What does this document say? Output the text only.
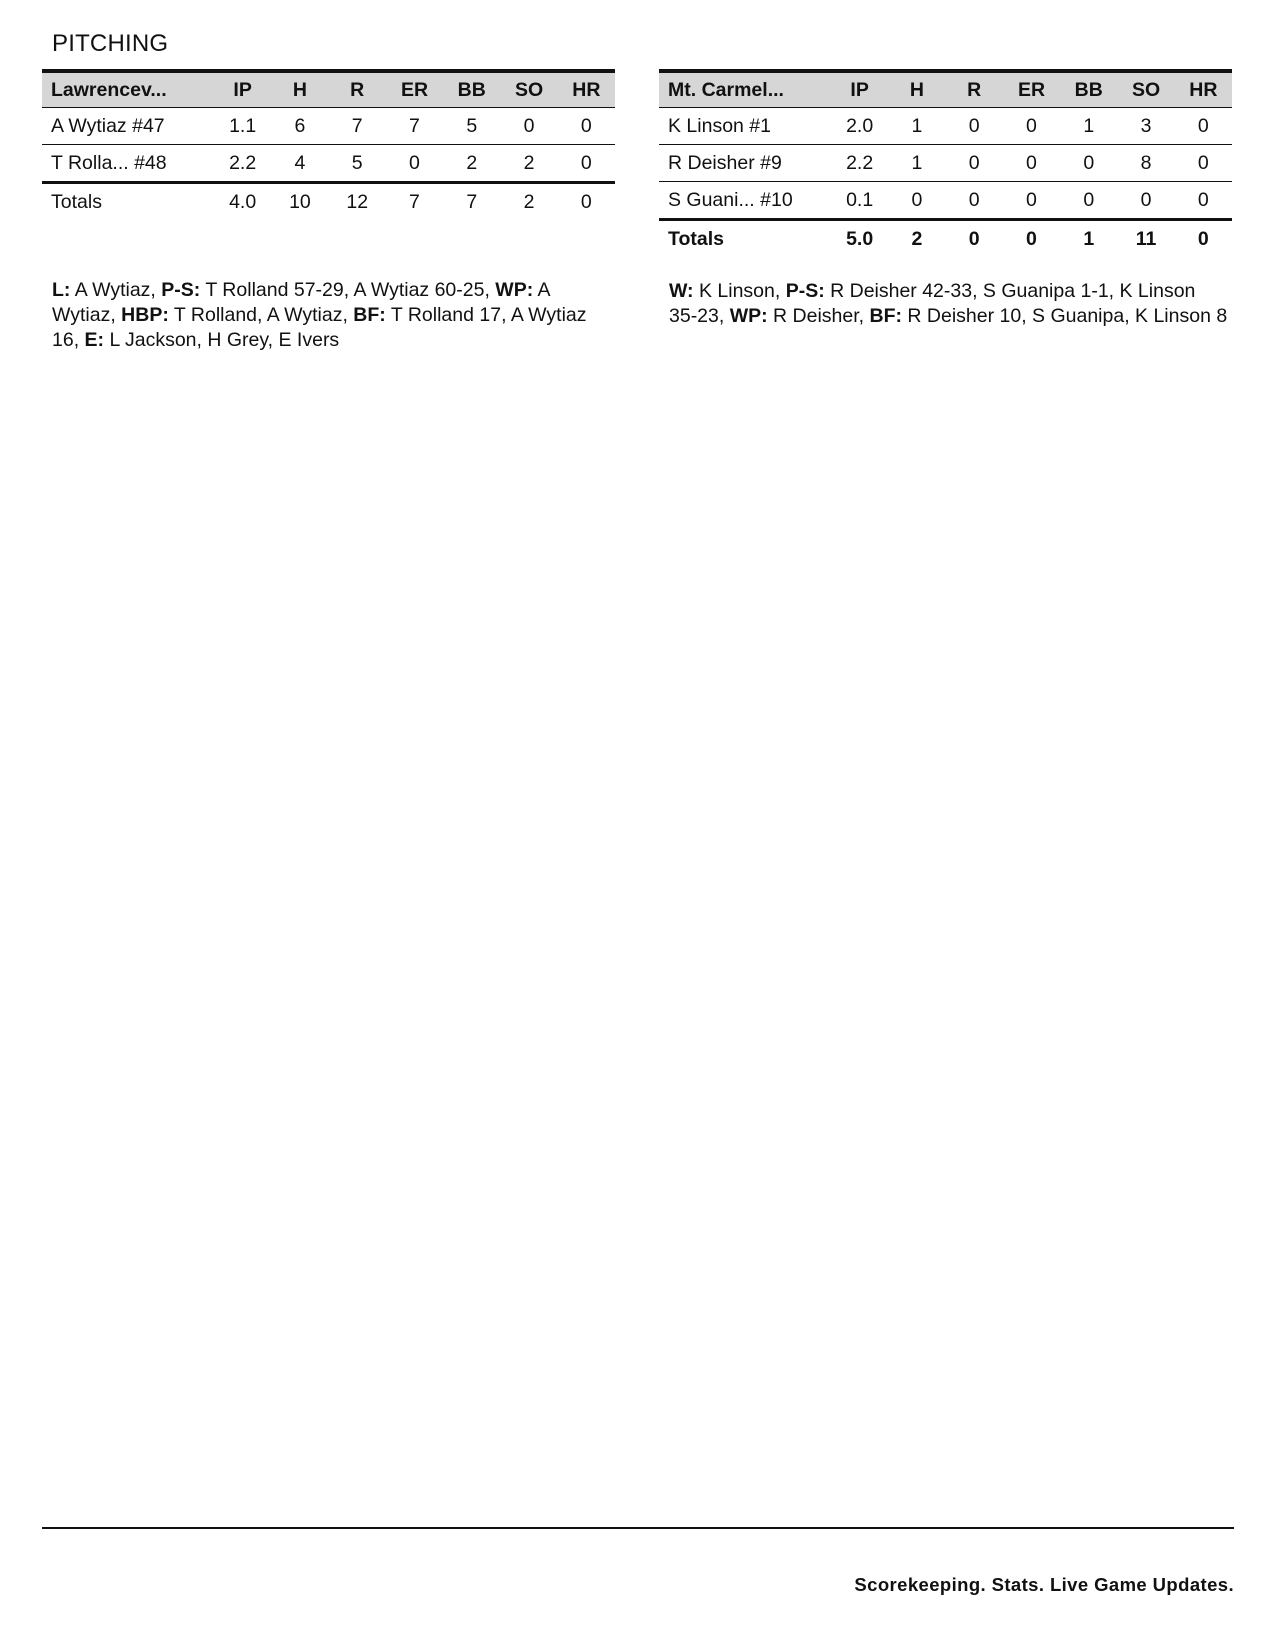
PITCHING
Lawrencev...	IP	H	R	ER	BB	SO	HR
A Wytiaz #47	1.1	6	7	7	5	0	0
T Rolla... #48	2.2	4	5	0	2	2	0
Totals	4.0	10	12	7	7	2	0
L: A Wytiaz, P-S: T Rolland 57-29, A Wytiaz 60-25, WP: A Wytiaz, HBP: T Rolland, A Wytiaz, BF: T Rolland 17, A Wytiaz 16, E: L Jackson, H Grey, E Ivers
Mt. Carmel...	IP	H	R	ER	BB	SO	HR
K Linson #1	2.0	1	0	0	1	3	0
R Deisher #9	2.2	1	0	0	0	8	0
S Guani... #10	0.1	0	0	0	0	0	0
Totals	5.0	2	0	0	1	11	0
W: K Linson, P-S: R Deisher 42-33, S Guanipa 1-1, K Linson 35-23, WP: R Deisher, BF: R Deisher 10, S Guanipa, K Linson 8
Scorekeeping. Stats. Live Game Updates.
